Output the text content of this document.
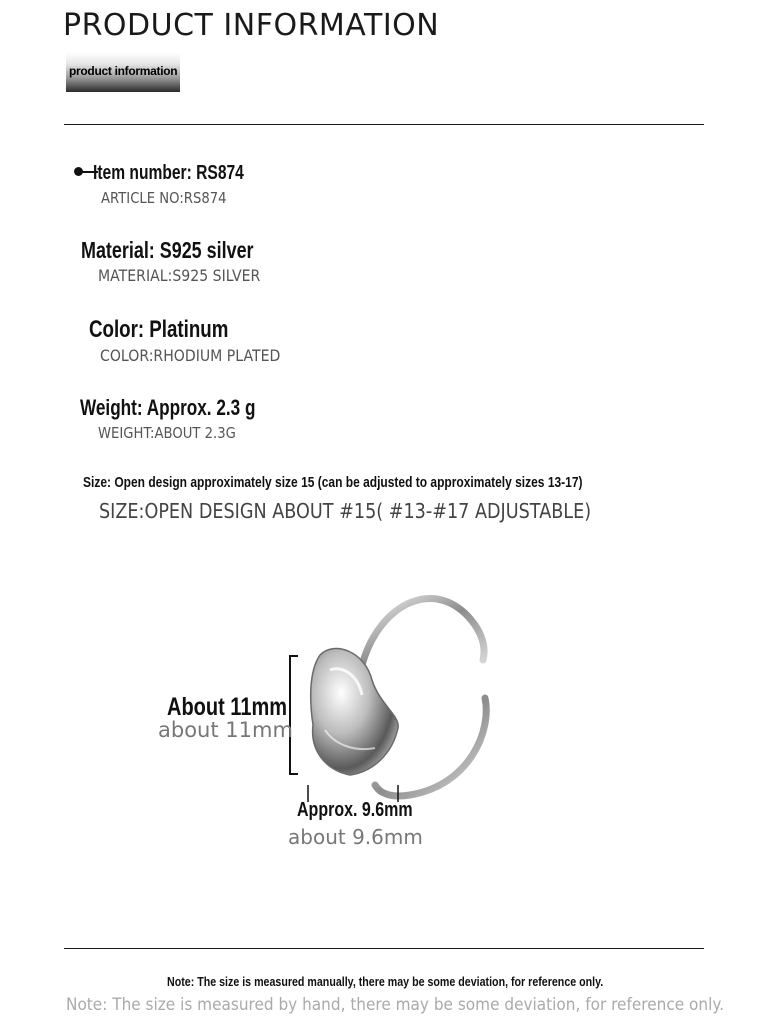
PRODUCT INFORMATION
product information
Item number: RS874
ARTICLE NO:RS874
Material: S925 silver
MATERIAL:S925 SILVER
Color: Platinum
COLOR:RHODIUM PLATED
Weight: Approx. 2.3 g
WEIGHT:ABOUT 2.3G
Size: Open design approximately size 15 (can be adjusted to approximately sizes 13-17)
SIZE:OPEN DESIGN ABOUT #15( #13-#17 ADJUSTABLE)
About 11mm
about 11mm
Approx. 9.6mm
about 9.6mm
Note: The size is measured manually, there may be some deviation, for reference only.
Note: The size is measured by hand, there may be some deviation, for reference only.
